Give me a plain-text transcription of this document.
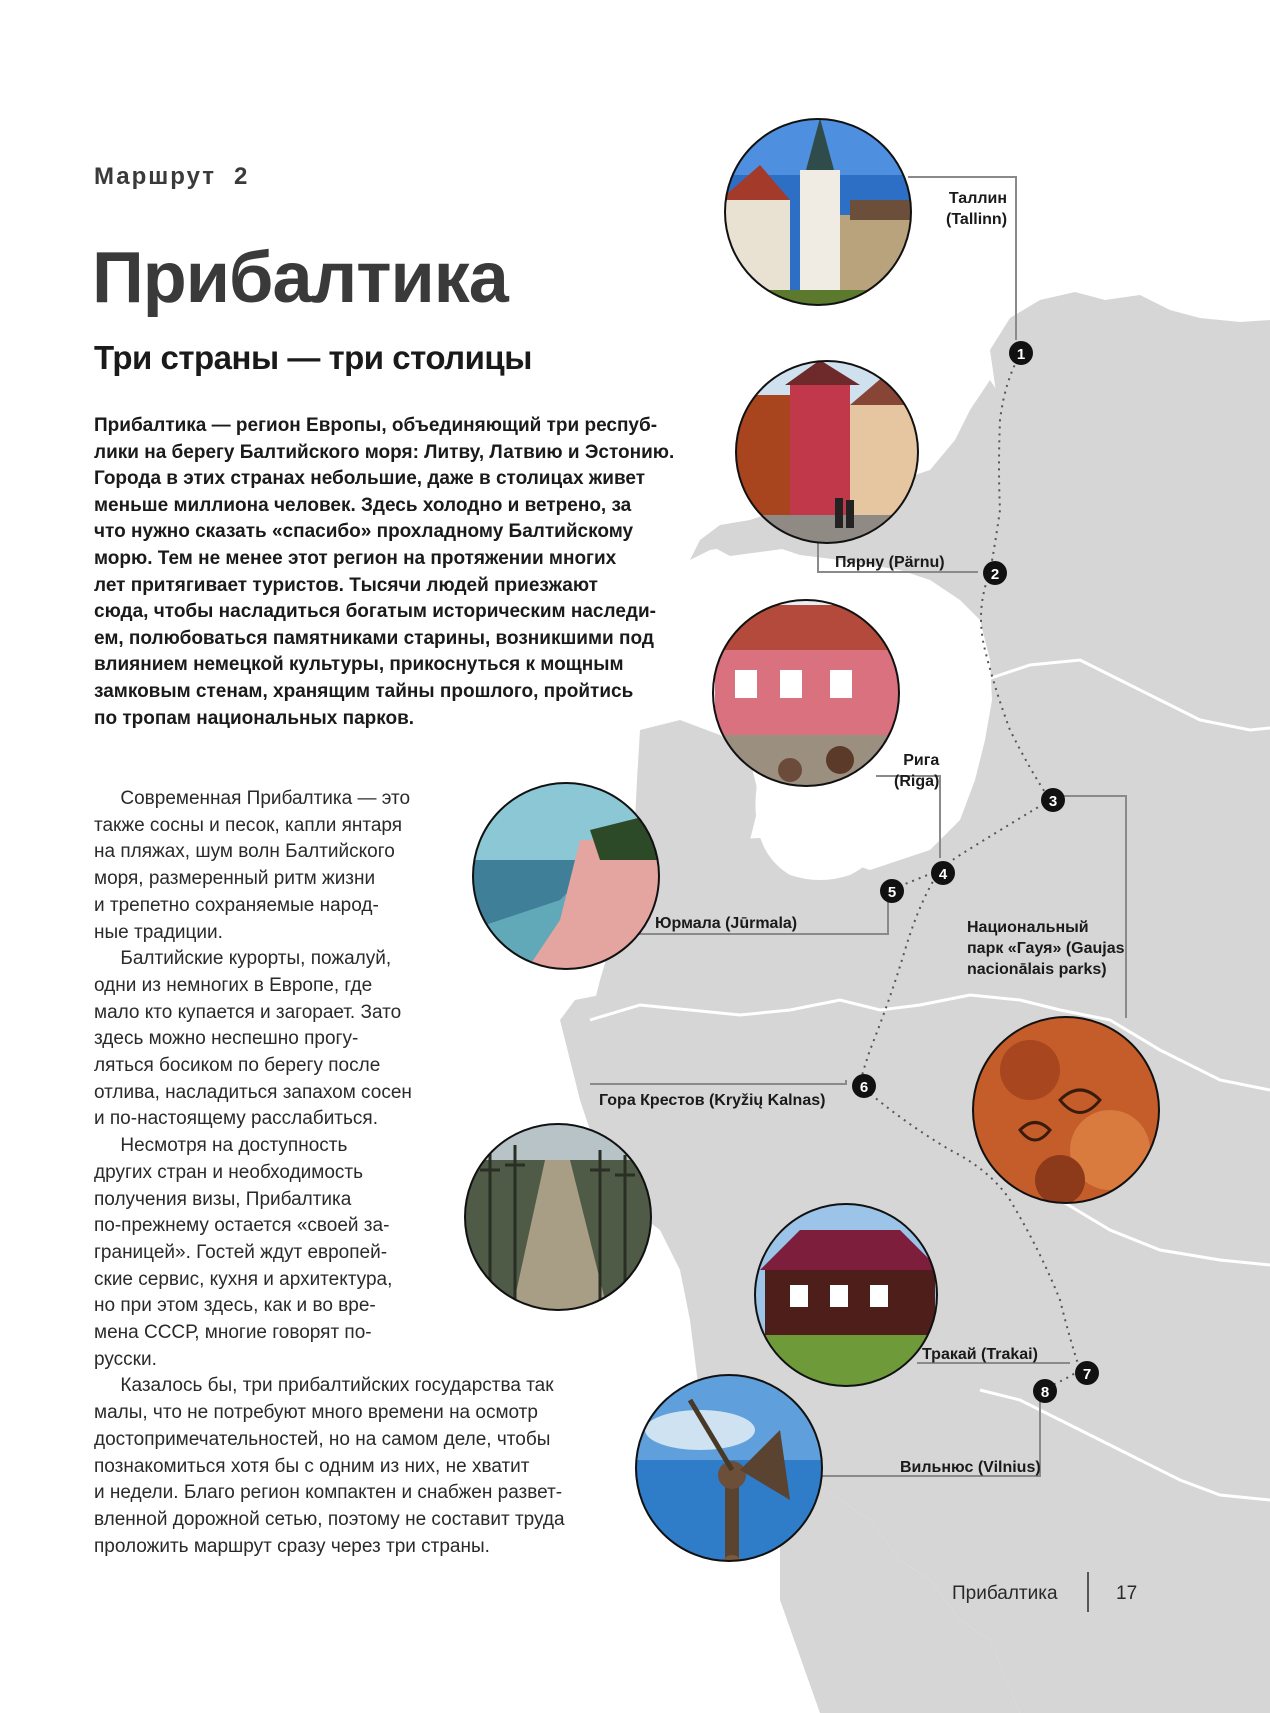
1
2
3
4
5
6
7
8
Таллин
(Tallinn)
Пярну (Pärnu)
Рига
(Riga)
Юрмала (Jūrmala)	Национальный
парк «Гауя» (Gaujas
nacionālais parks)
Гора Крестов (Kryžių Kalnas)
Тракай (Trakai)
Вильнюс (Vilnius)
Маршрут 2
Прибалтика
Три страны — три столицы

Прибалтика — регион Европы, объединяющий три респуб-
лики на берегу Балтийского моря: Литву, Латвию и Эстонию.
Города в этих странах небольшие, даже в столицах живет
меньше миллиона человек. Здесь холодно и ветрено, за
что нужно сказать «спасибо» прохладному Балтийскому
морю. Тем не менее этот регион на протяжении многих
лет притягивает туристов. Тысячи людей приезжают
сюда, чтобы насладиться богатым историческим наследи-
ем, полюбоваться памятниками старины, возникшими под
влиянием немецкой культуры, прикоснуться к мощным
замковым стенам, хранящим тайны прошлого, пройтись
по тропам национальных парков.

Современная Прибалтика — это
также сосны и песок, капли янтаря
на пляжах, шум волн Балтийского
моря, размеренный ритм жизни
и трепетно сохраняемые народ-
ные традиции.
Балтийские курорты, пожалуй,
одни из немногих в Европе, где
мало кто купается и загорает. Зато
здесь можно неспешно прогу-
ляться босиком по берегу после
отлива, насладиться запахом сосен
и по-настоящему расслабиться.
Несмотря на доступность
других стран и необходимость
получения визы, Прибалтика
по-прежнему остается «своей за-
границей». Гостей ждут европей-
ские сервис, кухня и архитектура,
но при этом здесь, как и во вре-
мена СССР, многие говорят по-
русски.
Казалось бы, три прибалтийских государства так
малы, что не потребуют много времени на осмотр
достопримечательностей, но на самом деле, чтобы
познакомиться хотя бы с одним из них, не хватит
и недели. Благо регион компактен и снабжен развет-
вленной дорожной сетью, поэтому не составит труда
проложить маршрут сразу через три страны.

Прибалтика	17
